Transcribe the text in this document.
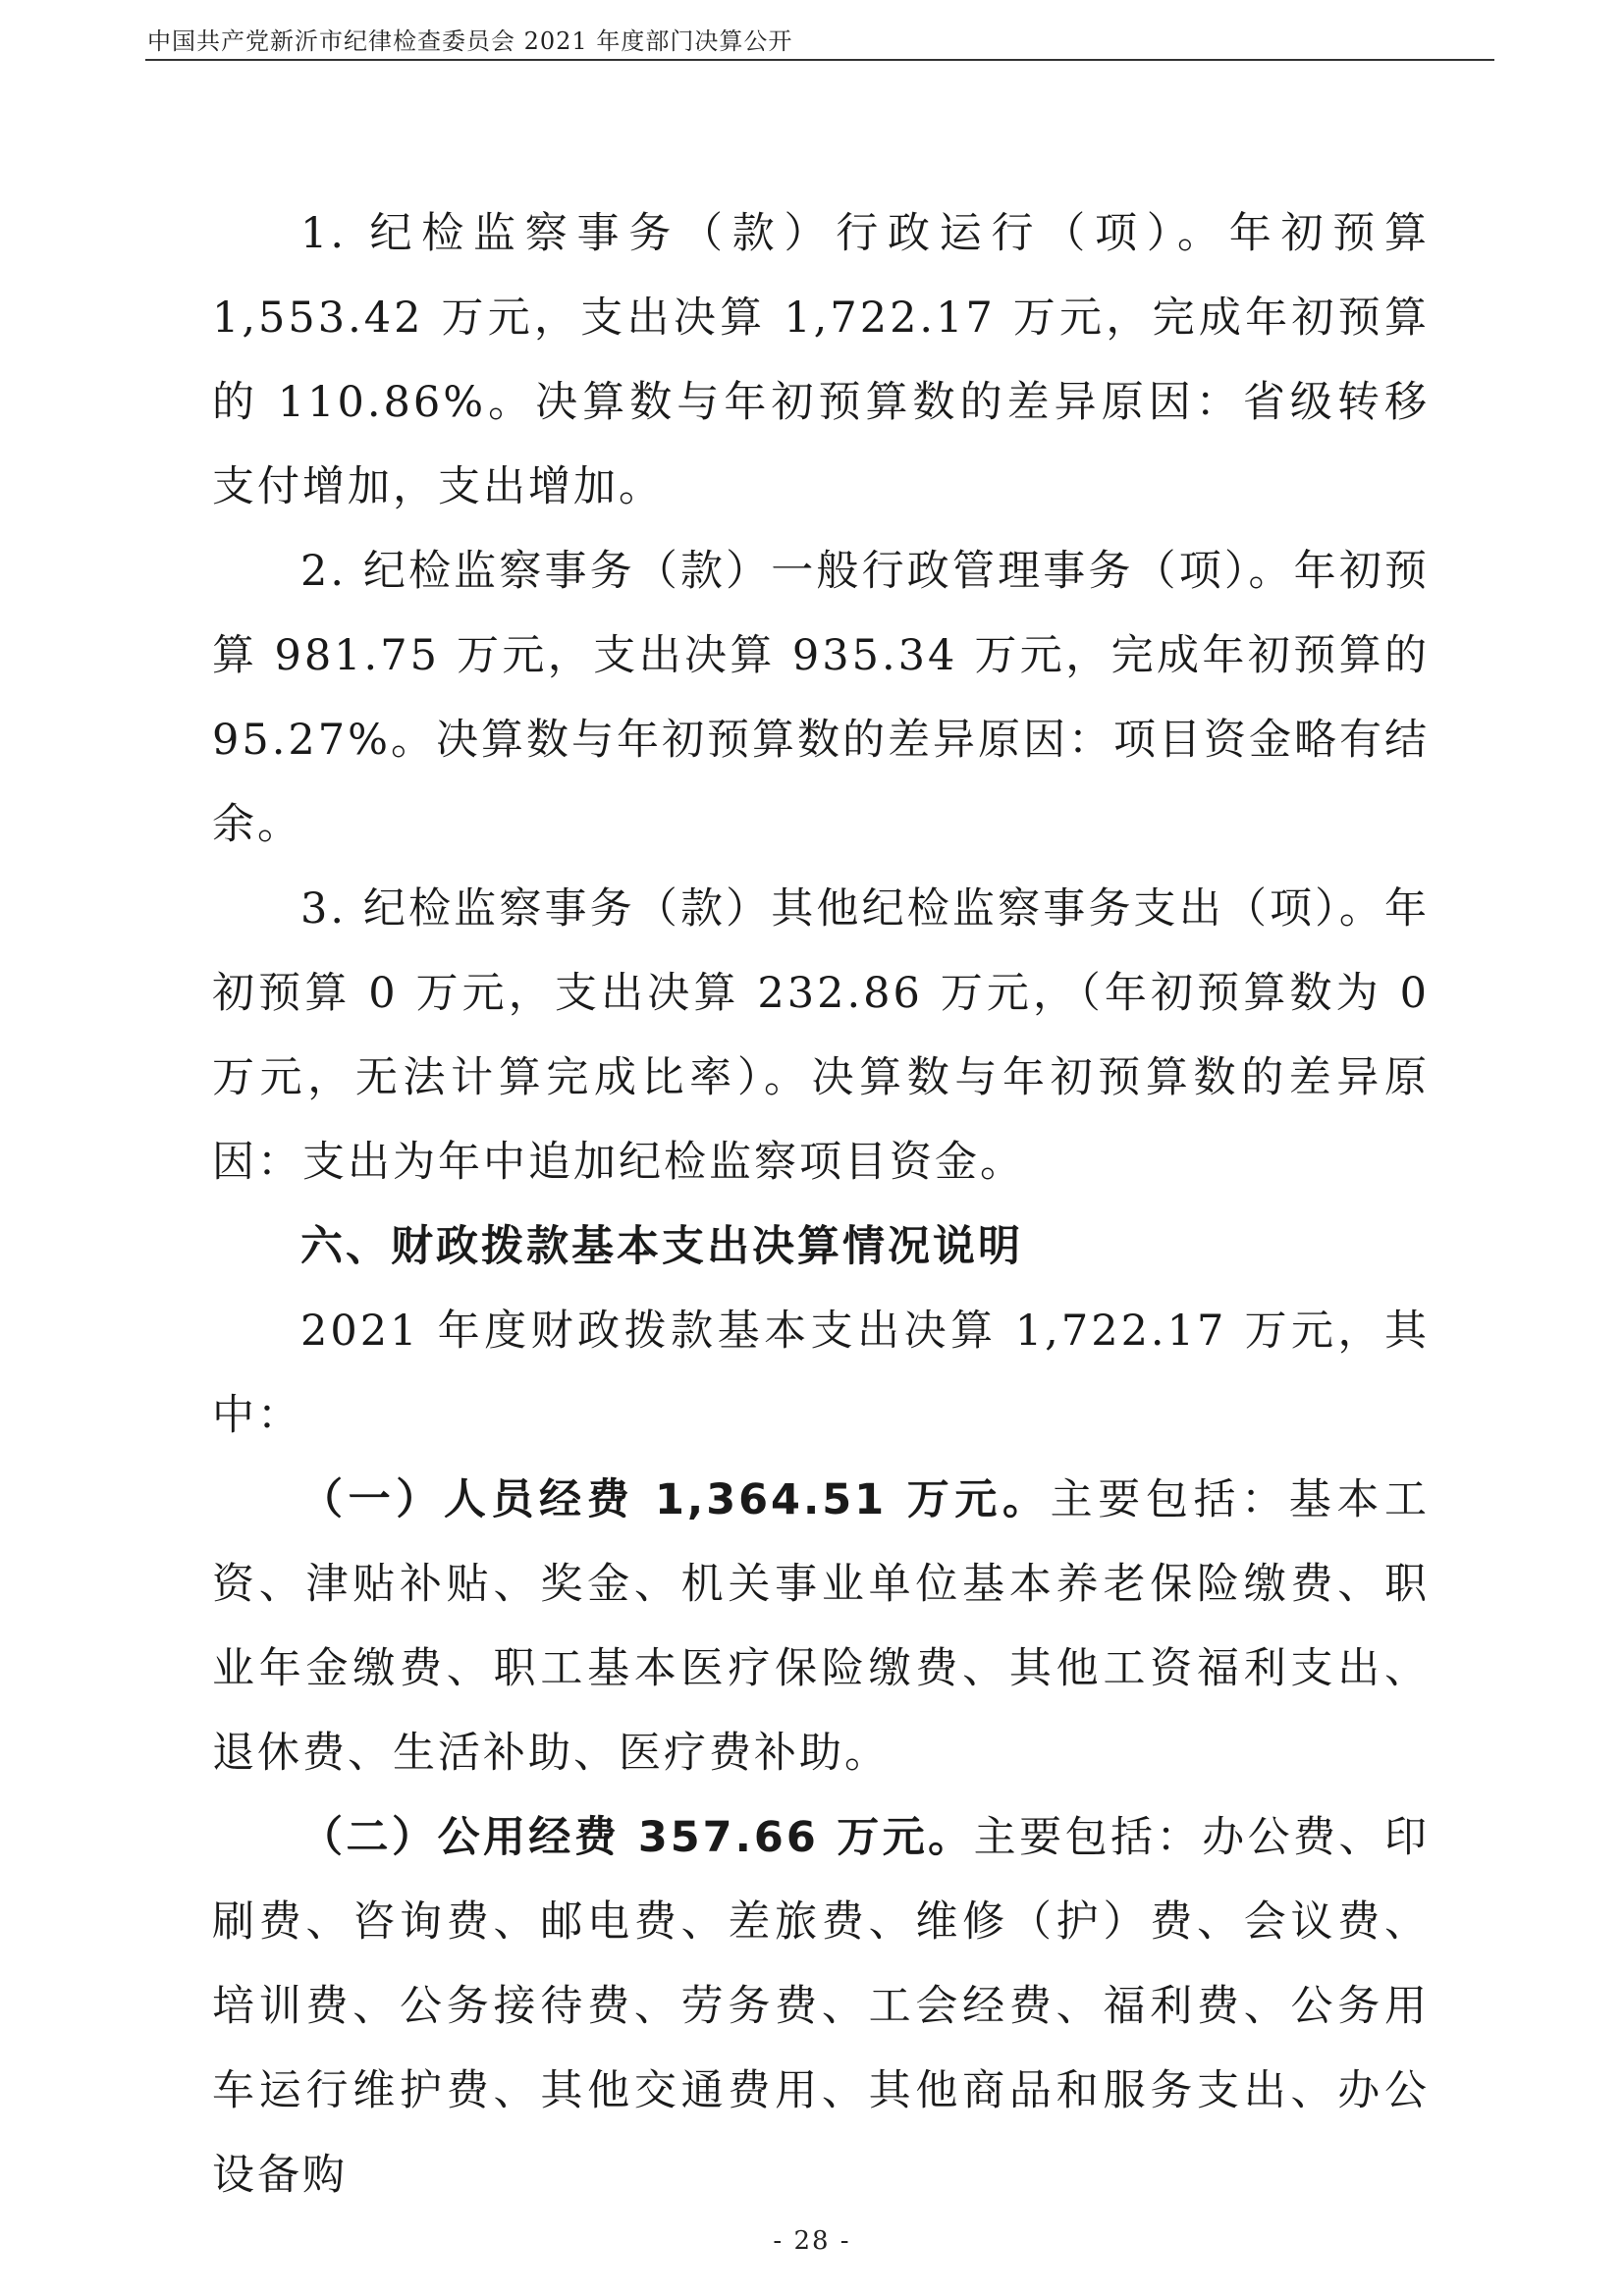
中国共产党新沂市纪律检查委员会 2021 年度部门决算公开

1. 纪检监察事务（款）行政运行（项）。年初预算 1,553.42 万元，支出决算 1,722.17 万元，完成年初预算的 110.86%。决算数与年初预算数的差异原因：省级转移支付增加，支出增加。

2. 纪检监察事务（款）一般行政管理事务（项）。年初预算 981.75 万元，支出决算 935.34 万元，完成年初预算的 95.27%。决算数与年初预算数的差异原因：项目资金略有结余。

3. 纪检监察事务（款）其他纪检监察事务支出（项）。年初预算 0 万元，支出决算 232.86 万元，（年初预算数为 0 万元，无法计算完成比率）。决算数与年初预算数的差异原因：支出为年中追加纪检监察项目资金。

六、财政拨款基本支出决算情况说明

2021 年度财政拨款基本支出决算 1,722.17 万元，其中：

（一）人员经费 1,364.51 万元。主要包括：基本工资、津贴补贴、奖金、机关事业单位基本养老保险缴费、职业年金缴费、职工基本医疗保险缴费、其他工资福利支出、退休费、生活补助、医疗费补助。

（二）公用经费 357.66 万元。主要包括：办公费、印刷费、咨询费、邮电费、差旅费、维修（护）费、会议费、培训费、公务接待费、劳务费、工会经费、福利费、公务用车运行维护费、其他交通费用、其他商品和服务支出、办公设备购

- 28 -
